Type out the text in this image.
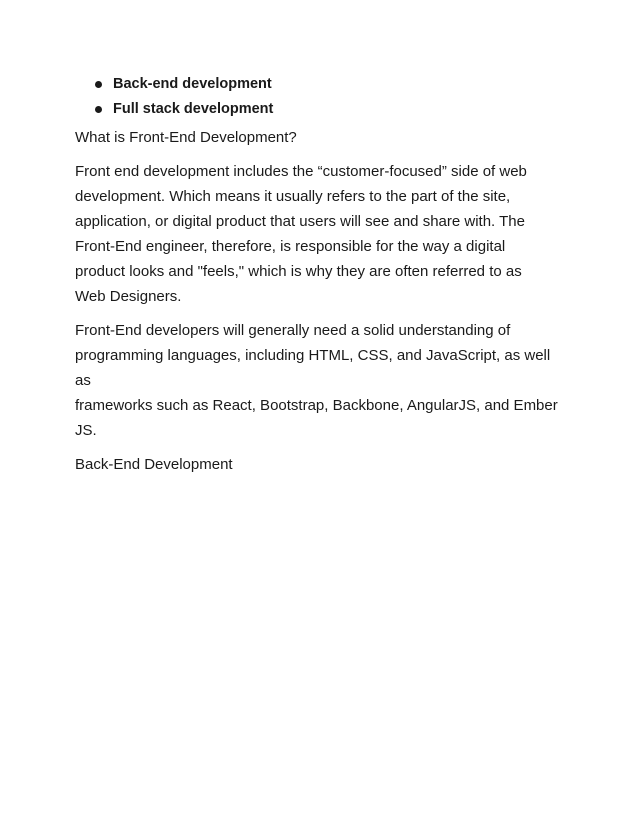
Back-end development
Full stack development

What is Front-End Development?

Front end development includes the “customer-focused” side of web
development. Which means it usually refers to the part of the site,
application, or digital product that users will see and share with. The
Front-End engineer, therefore, is responsible for the way a digital
product looks and "feels," which is why they are often referred to as
Web Designers.

Front-End developers will generally need a solid understanding of
programming languages, including HTML, CSS, and JavaScript, as well as
frameworks such as React, Bootstrap, Backbone, AngularJS, and Ember
JS.

Back-End Development
